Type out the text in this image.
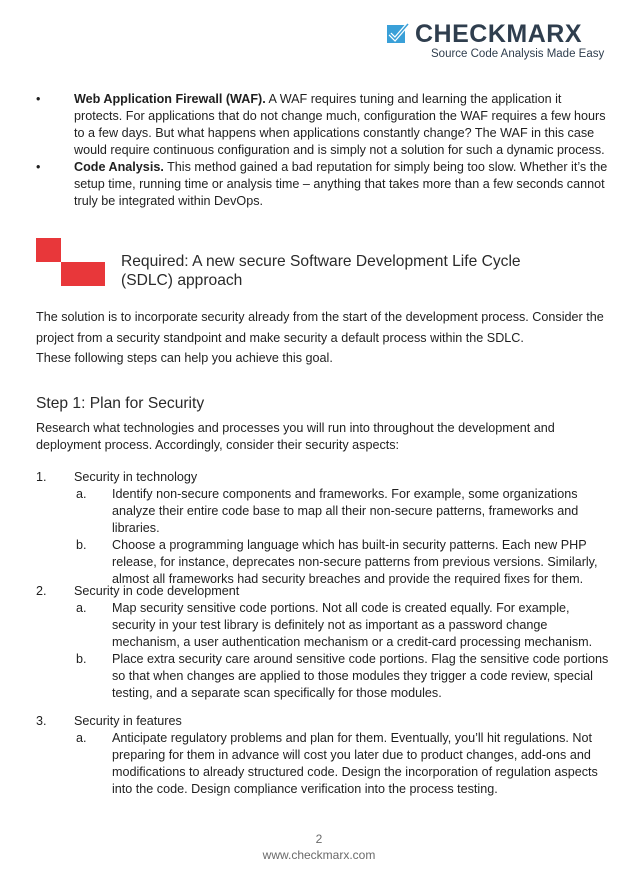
CHECKMARX
Source Code Analysis Made Easy
•	Web Application Firewall (WAF). A WAF requires tuning and learning the application it protects. For applications that do not change much, configuration the WAF requires a few hours to a few days. But what happens when applications constantly change? The WAF in this case would require continuous configuration and is simply not a solution for such a dynamic process.
•	Code Analysis. This method gained a bad reputation for simply being too slow. Whether it’s the setup time, running time or analysis time – anything that takes more than a few seconds cannot truly be integrated within DevOps.
Required: A new secure Software Development Life Cycle (SDLC) approach
The solution is to incorporate security already from the start of the development process. Consider the project from a security standpoint and make security a default process within the SDLC.
These following steps can help you achieve this goal.
Step 1: Plan for Security
Research what technologies and processes you will run into throughout the development and deployment process. Accordingly, consider their security aspects:
1. Security in technology
a. Identify non-secure components and frameworks. For example, some organizations analyze their entire code base to map all their non-secure patterns, frameworks and libraries.
b. Choose a programming language which has built-in security patterns. Each new PHP release, for instance, deprecates non-secure patterns from previous versions. Similarly, almost all frameworks had security breaches and provide the required fixes for them.
2. Security in code development
a. Map security sensitive code portions. Not all code is created equally. For example, security in your test library is definitely not as important as a password change mechanism, a user authentication mechanism or a credit-card processing mechanism.
b. Place extra security care around sensitive code portions. Flag the sensitive code portions so that when changes are applied to those modules they trigger a code review, special testing, and a separate scan specifically for those modules.
3. Security in features
a. Anticipate regulatory problems and plan for them. Eventually, you’ll hit regulations. Not preparing for them in advance will cost you later due to product changes, add-ons and modifications to already structured code. Design the incorporation of regulation aspects into the code. Design compliance verification into the process testing.
2
www.checkmarx.com
